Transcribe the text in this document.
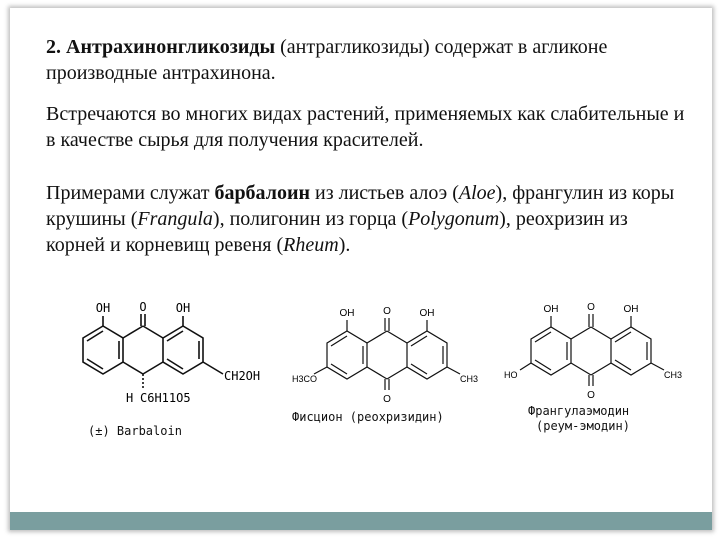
2. Антрахинонгликозиды (антрагликозиды) содержат в агликоне производные антрахинона.
Встречаются во многих видах растений, применяемых как слабительные и в качестве сырья для получения красителей.
Примерами служат барбалоин из листьев алоэ (Aloe), франгулин из коры крушины (Frangula), полигонин из горца (Polygonum), реохризин из корней и корневищ ревеня (Rheum).
OH O OH
CH2OH
H C6H11O5
(±) Barbaloin
OH	O	OH
H3CO	CH3
O
Фисцион (реохризидин)
OH	O	OH
HO	CH3
O
Франгулаэмодин
(реум-эмодин)
